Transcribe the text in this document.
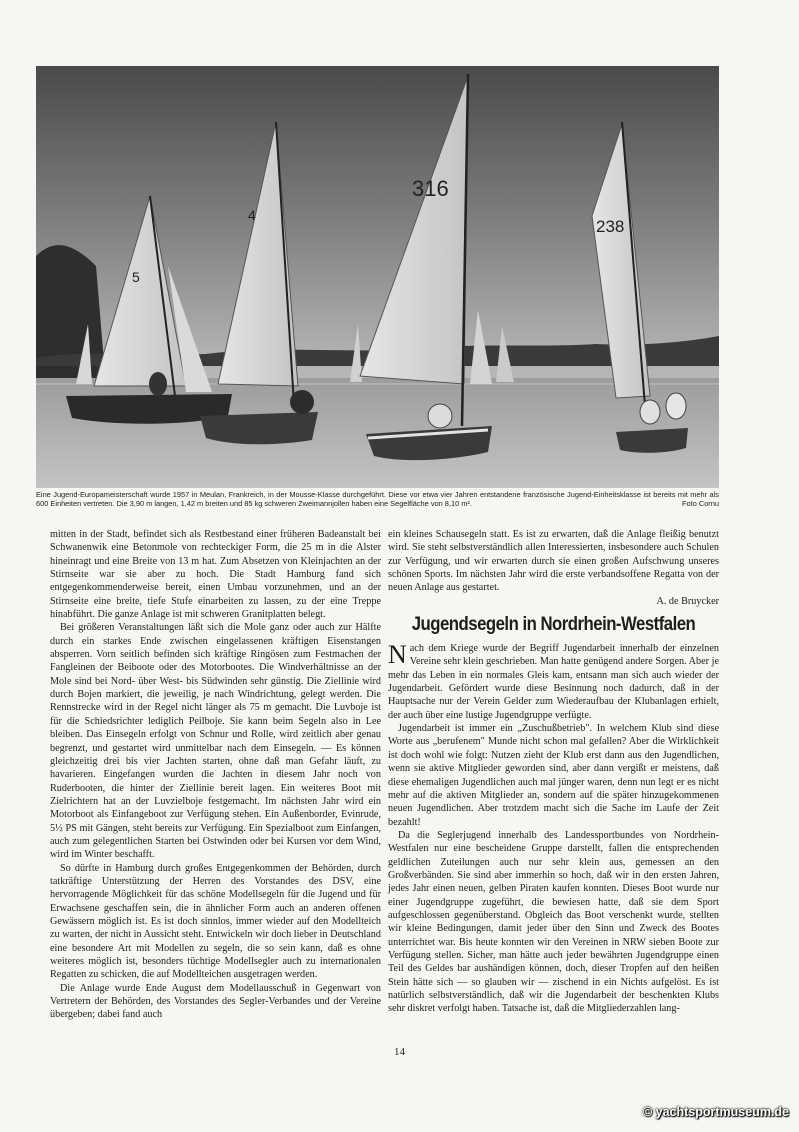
5
4
316
238
Eine Jugend-Europameisterschaft wurde 1957 in Meulan, Frankreich, in der Mousse-Klasse durchgeführt. Diese vor etwa vier Jahren entstandene französische Jugend-Einheitsklasse ist bereits mit mehr als 600 Einheiten vertreten. Die 3,90 m langen, 1,42 m breiten und 85 kg schweren Zweimannjollen haben eine Segelfläche von 8,10 m².	Foto Cornu

mitten in der Stadt, befindet sich als Restbestand einer früheren Badeanstalt bei Schwanenwik eine Betonmole von rechteckiger Form, die 25 m in die Alster hineinragt und eine Breite von 13 m hat. Zum Absetzen von Kleinjachten an der Stirnseite war sie aber zu hoch. Die Stadt Hamburg fand sich entgegenkommenderweise bereit, einen Umbau vorzunehmen, und an der Stirnseite eine breite, tiefe Stufe einarbeiten zu lassen, zu der eine Treppe hinabführt. Die ganze Anlage ist mit schweren Granitplatten belegt.

Bei größeren Veranstaltungen läßt sich die Mole ganz oder auch zur Hälfte durch ein starkes Ende zwischen eingelassenen kräftigen Eisenstangen absperren. Vorn seitlich befinden sich kräftige Ringösen zum Festmachen der Fangleinen der Beiboote oder des Motorbootes. Die Windverhältnisse an der Mole sind bei Nord- über West- bis Südwinden sehr günstig. Die Ziellinie wird durch Bojen markiert, die jeweilig, je nach Windrichtung, gelegt werden. Die Rennstrecke wird in der Regel nicht länger als 75 m gemacht. Die Luvboje ist für die Schiedsrichter lediglich Peilboje. Sie kann beim Segeln also in Lee bleiben. Das Einsegeln erfolgt von Schnur und Rolle, wird zeitlich aber genau begrenzt, und gestartet wird unmittelbar nach dem Einsegeln. — Es können gleichzeitig drei bis vier Jachten starten, ohne daß man Gefahr läuft, zu havarieren. Eingefangen wurden die Jachten in diesem Jahr noch von Ruderbooten, die hinter der Ziellinie bereit lagen. Ein weiteres Boot mit Zielrichtern hat an der Luvzielboje festgemacht. Im nächsten Jahr wird ein Motorboot als Einfangeboot zur Verfügung stehen. Ein Außenborder, Evinrude, 5½ PS mit Gängen, steht bereits zur Verfügung. Ein Spezialboot zum Einfangen, auch zum gelegentlichen Starten bei Ostwinden oder bei Kursen vor dem Wind, wird im Winter beschafft.

So dürfte in Hamburg durch großes Entgegenkommen der Behörden, durch tatkräftige Unterstützung der Herren des Vorstandes des DSV, eine hervorragende Möglichkeit für das schöne Modellsegeln für die Jugend und für Erwachsene geschaffen sein, die in ähnlicher Form auch an anderen offenen Gewässern möglich ist. Es ist doch sinnlos, immer wieder auf den Modellteich zu warten, der nicht in Aussicht steht. Entwickeln wir doch lieber in Deutschland eine besondere Art mit Modellen zu segeln, die so sein kann, daß es ohne weiteres möglich ist, besonders tüchtige Modellsegler auch zu internationalen Regatten zu schicken, die auf Modellteichen ausgetragen werden.

Die Anlage wurde Ende August dem Modellausschuß in Gegenwart von Vertretern der Behörden, des Vorstandes des Segler-Verbandes und der Vereine übergeben; dabei fand auch

ein kleines Schausegeln statt. Es ist zu erwarten, daß die Anlage fleißig benutzt wird. Sie steht selbstverständlich allen Interessierten, insbesondere auch Schulen zur Verfügung, und wir erwarten durch sie einen großen Aufschwung unseres schönen Sports. Im nächsten Jahr wird die erste verbandsoffene Regatta von der neuen Anlage aus gestartet.

A. de Bruycker

Jugendsegeln in Nordrhein-Westfalen

Nach dem Kriege wurde der Begriff Jugendarbeit innerhalb der einzelnen Vereine sehr klein geschrieben. Man hatte genügend andere Sorgen. Aber je mehr das Leben in ein normales Gleis kam, entsann man sich auch wieder der Jugendarbeit. Gefördert wurde diese Besinnung noch dadurch, daß in der Hauptsache nur der Verein Gelder zum Wiederaufbau der Klubanlagen erhielt, der auch über eine lustige Jugendgruppe verfügte.

Jugendarbeit ist immer ein „Zuschußbetrieb". In welchem Klub sind diese Worte aus „berufenem" Munde nicht schon mal gefallen? Aber die Wirklichkeit ist doch wohl wie folgt: Nutzen zieht der Klub erst dann aus den Jugendlichen, wenn sie aktive Mitglieder geworden sind, aber dann vergißt er meistens, daß diese ehemaligen Jugendlichen auch mal jünger waren, denn nun legt er es nicht mehr auf die aktiven Mitglieder an, sondern auf die später hinzugekommenen neuen Jugendlichen. Aber trotzdem macht sich die Sache im Laufe der Zeit bezahlt!

Da die Seglerjugend innerhalb des Landessportbundes von Nordrhein-Westfalen nur eine bescheidene Gruppe darstellt, fallen die entsprechenden geldlichen Zuteilungen auch nur sehr klein aus, gemessen an den Großverbänden. Sie sind aber immerhin so hoch, daß wir in den ersten Jahren, jedes Jahr einen neuen, gelben Piraten kaufen konnten. Dieses Boot wurde nur einer Jugendgruppe zugeführt, die bewiesen hatte, daß sie dem Sport aufgeschlossen gegenüberstand. Obgleich das Boot verschenkt wurde, stellten wir kleine Bedingungen, damit jeder über den Sinn und Zweck des Bootes unterrichtet war. Bis heute konnten wir den Vereinen in NRW sieben Boote zur Verfügung stellen. Sicher, man hätte auch jeder bewährten Jugendgruppe einen Teil des Geldes bar aushändigen können, doch, dieser Tropfen auf den heißen Stein hätte sich — so glauben wir — zischend in ein Nichts aufgelöst. Es ist natürlich selbstverständlich, daß wir die Jugendarbeit der beschenkten Klubs sehr diskret verfolgt haben. Tatsache ist, daß die Mitgliederzahlen lang-

14
© yachtsportmuseum.de
